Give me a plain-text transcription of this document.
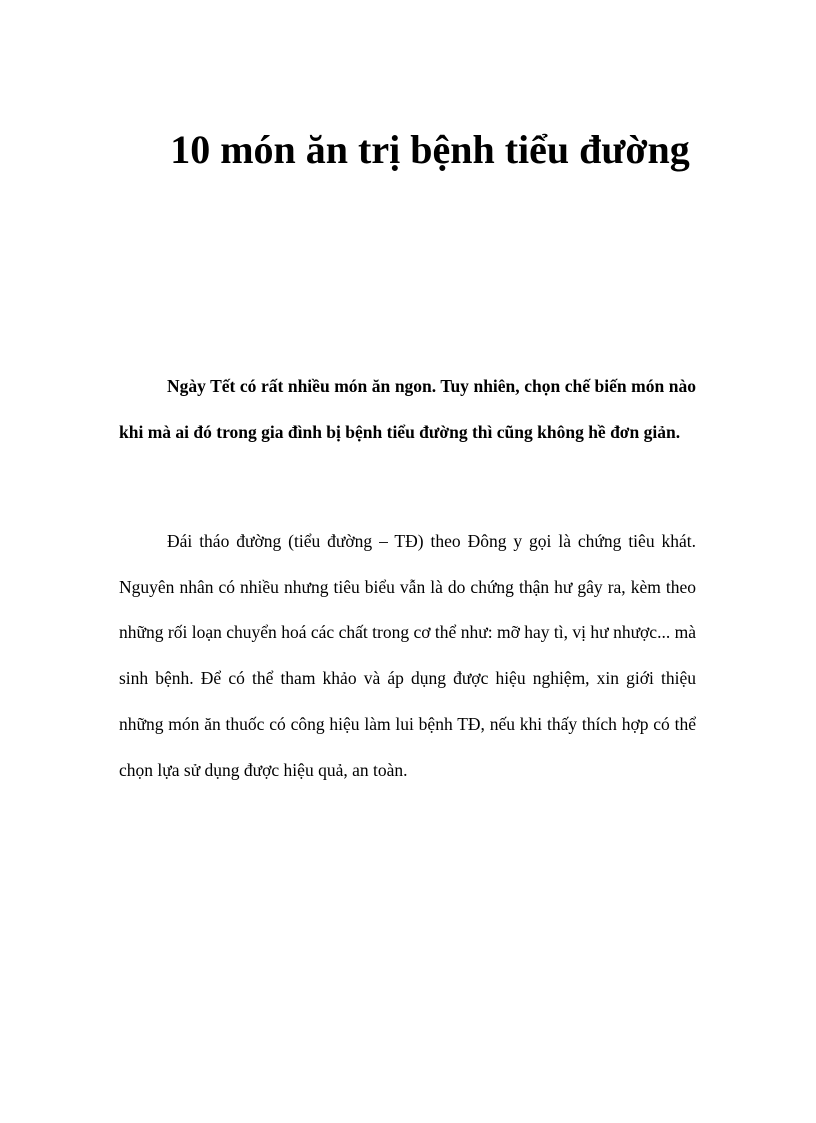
10 món ăn trị bệnh tiểu đường

Ngày Tết có rất nhiều món ăn ngon. Tuy nhiên, chọn chế biến món nào khi mà ai đó trong gia đình bị bệnh tiểu đường thì cũng không hề đơn giản.

Đái tháo đường (tiểu đường – TĐ) theo Đông y gọi là chứng tiêu khát. Nguyên nhân có nhiều nhưng tiêu biểu vẫn là do chứng thận hư gây ra, kèm theo những rối loạn chuyển hoá các chất trong cơ thể như: mỡ hay tì, vị hư nhược... mà sinh bệnh. Để có thể tham khảo và áp dụng được hiệu nghiệm, xin giới thiệu những món ăn thuốc có công hiệu làm lui bệnh TĐ, nếu khi thấy thích hợp có thể chọn lựa sử dụng được hiệu quả, an toàn.
